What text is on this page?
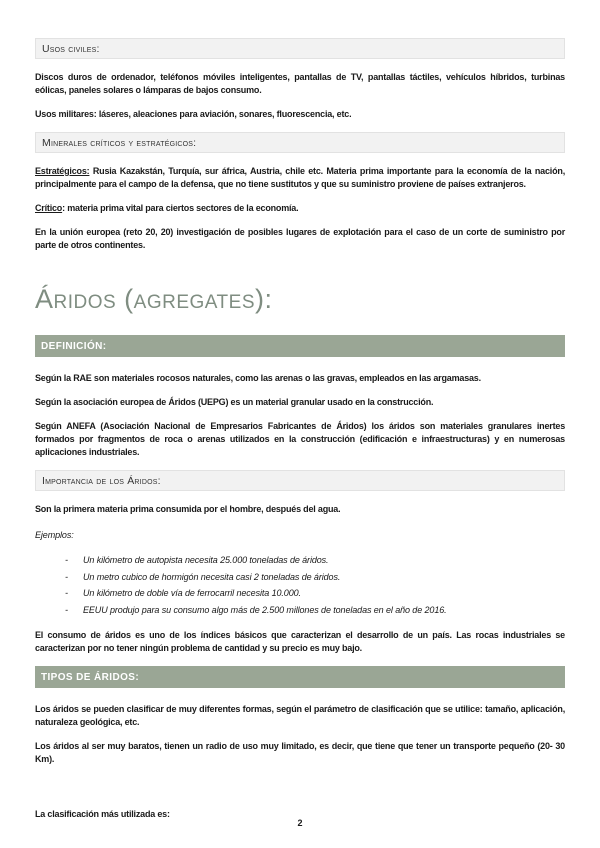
Usos civiles:

Discos duros de ordenador, teléfonos móviles inteligentes, pantallas de TV, pantallas táctiles, vehículos híbridos, turbinas eólicas, paneles solares o lámparas de bajos consumo.

Usos militares: láseres, aleaciones para aviación, sonares, fluorescencia, etc.

Minerales críticos y estratégicos:

Estratégicos: Rusia Kazakstán, Turquía, sur áfrica, Austria, chile etc. Materia prima importante para la economía de la nación, principalmente para el campo de la defensa, que no tiene sustitutos y que su suministro proviene de países extranjeros.

Crítico: materia prima vital para ciertos sectores de la economía.

En la unión europea (reto 20, 20) investigación de posibles lugares de explotación para el caso de un corte de suministro por parte de otros continentes.

Áridos (agregates):
DEFINICIÓN:

Según la RAE son materiales rocosos naturales, como las arenas o las gravas, empleados en las argamasas.

Según la asociación europea de Áridos (UEPG) es un material granular usado en la construcción.

Según ANEFA (Asociación Nacional de Empresarios Fabricantes de Áridos) los áridos son materiales granulares inertes formados por fragmentos de roca o arenas utilizados en la construcción (edificación e infraestructuras) y en numerosas aplicaciones industriales.

Importancia de los Áridos:

Son la primera materia prima consumida por el hombre, después del agua.

Ejemplos:

- Un kilómetro de autopista necesita 25.000 toneladas de áridos.
- Un metro cubico de hormigón necesita casi 2 toneladas de áridos.
- Un kilómetro de doble vía de ferrocarril necesita 10.000.
- EEUU produjo para su consumo algo más de 2.500 millones de toneladas en el año de 2016.

El consumo de áridos es uno de los índices básicos que caracterizan el desarrollo de un país. Las rocas industriales se caracterizan por no tener ningún problema de cantidad y su precio es muy bajo.

TIPOS DE ÁRIDOS:

Los áridos se pueden clasificar de muy diferentes formas, según el parámetro de clasificación que se utilice: tamaño, aplicación, naturaleza geológica, etc.

Los áridos al ser muy baratos, tienen un radio de uso muy limitado, es decir, que tiene que tener un transporte pequeño (20- 30 Km).

La clasificación más utilizada es:

2
